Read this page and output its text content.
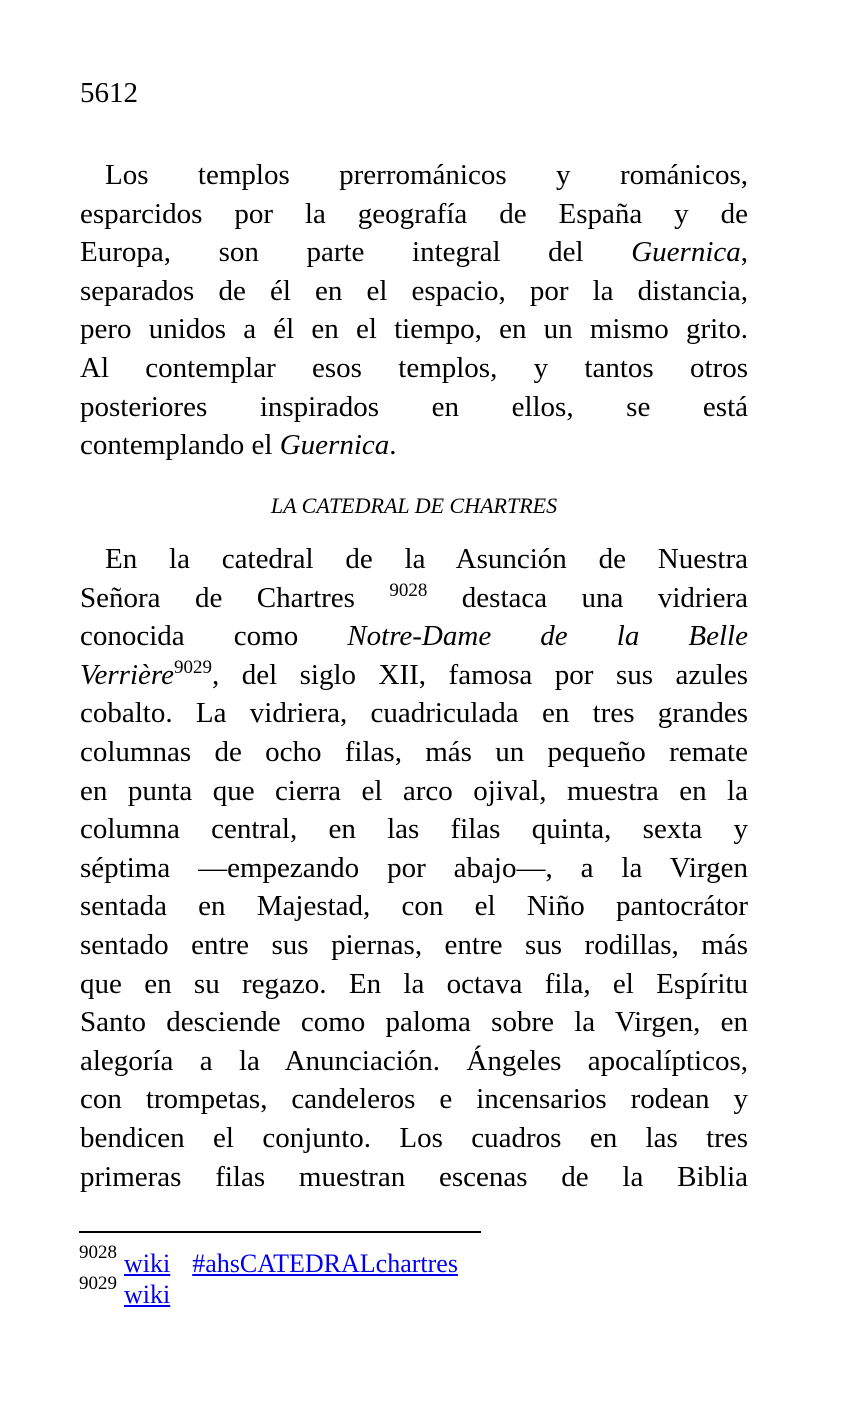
5612
Los templos prerrománicos y románicos,
esparcidos por la geografía de España y de
Europa, son parte integral del Guernica,
separados de él en el espacio, por la distancia,
pero unidos a él en el tiempo, en un mismo grito.
Al contemplar esos templos, y tantos otros
posteriores inspirados en ellos, se está
contemplando el Guernica.
LA CATEDRAL DE CHARTRES
En la catedral de la Asunción de Nuestra
Señora de Chartres $^{9028}$ destaca una vidriera
conocida como Notre-Dame de la Belle
Verrière$^{9029}$, del siglo XII, famosa por sus azules
cobalto. La vidriera, cuadriculada en tres grandes
columnas de ocho filas, más un pequeño remate
en punta que cierra el arco ojival, muestra en la
columna central, en las filas quinta, sexta y
séptima —empezando por abajo—, a la Virgen
sentada en Majestad, con el Niño pantocrátor
sentado entre sus piernas, entre sus rodillas, más
que en su regazo. En la octava fila, el Espíritu
Santo desciende como paloma sobre la Virgen, en
alegoría a la Anunciación. Ángeles apocalípticos,
con trompetas, candeleros e incensarios rodean y
bendicen el conjunto. Los cuadros en las tres
primeras filas muestran escenas de la Biblia
$^{9028}$ wiki #ahsCATEDRALchartres
$^{9029}$ wiki
